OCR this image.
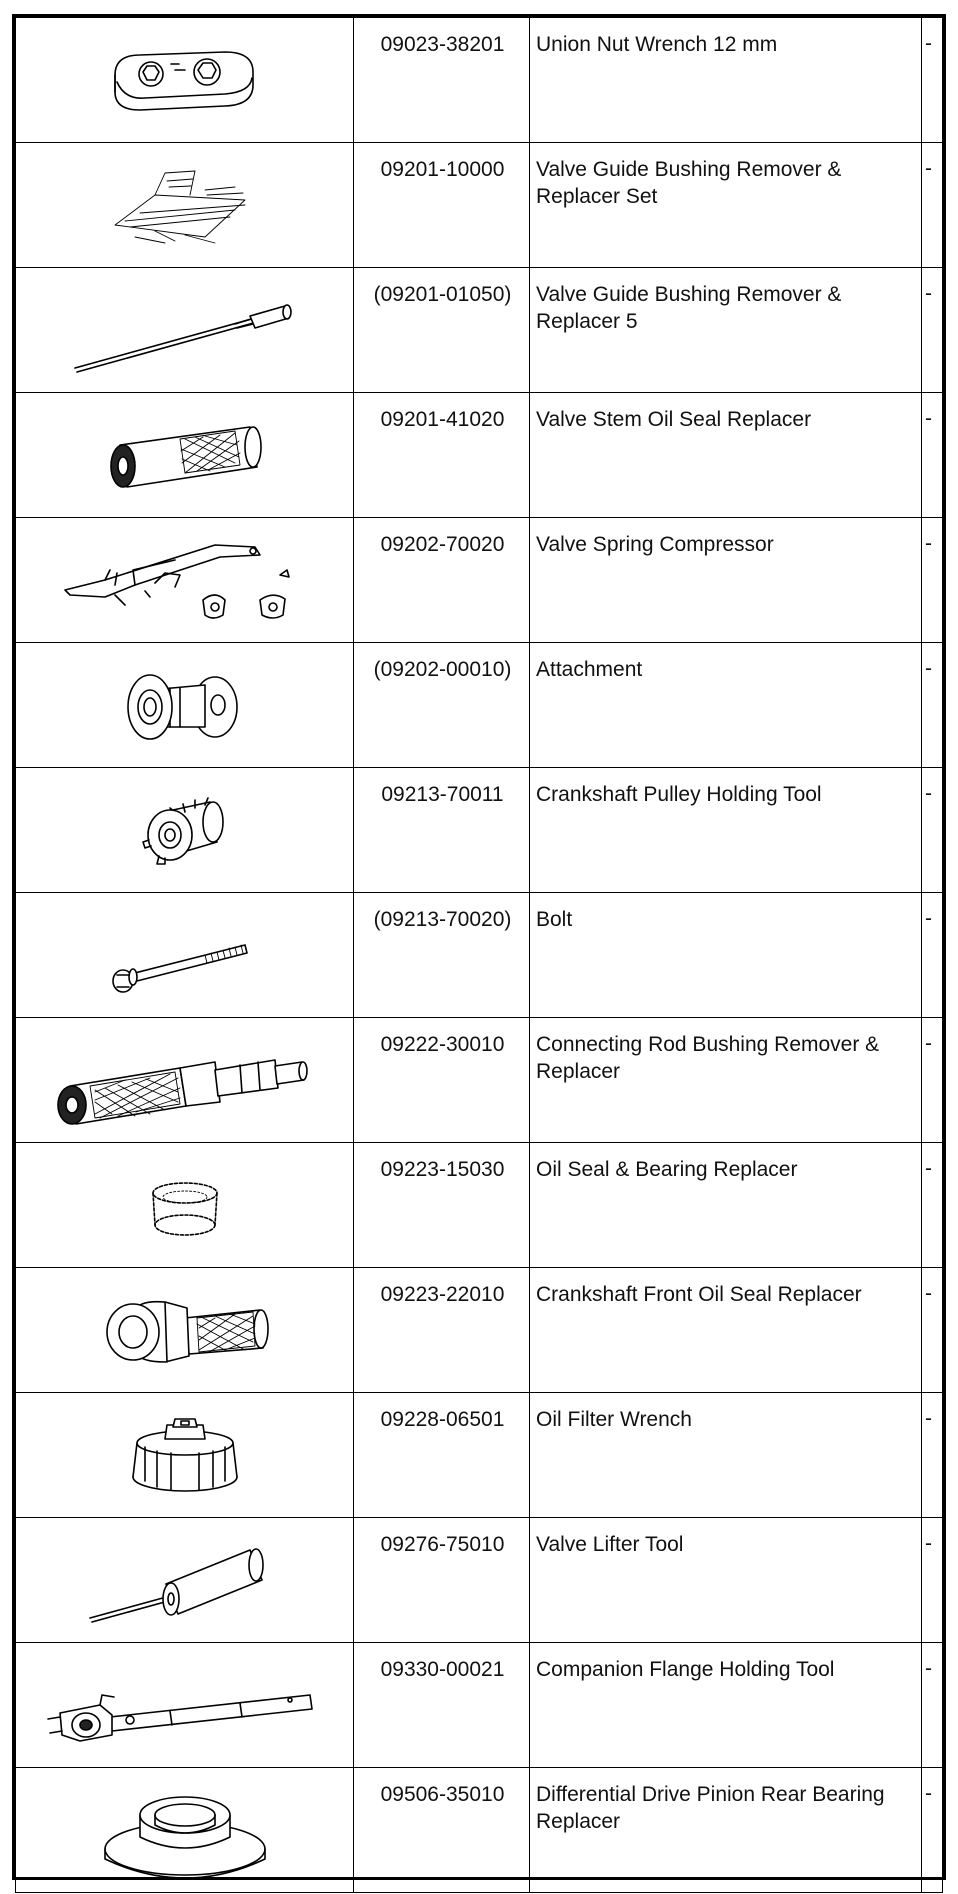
09023-38201	Union Nut Wrench 12 mm	-

09201-10000	Valve Guide Bushing Remover & Replacer Set	-

(09201-01050)	Valve Guide Bushing Remover & Replacer 5	-

09201-41020	Valve Stem Oil Seal Replacer	-

09202-70020	Valve Spring Compressor	-

(09202-00010)	Attachment	-

09213-70011	Crankshaft Pulley Holding Tool	-

(09213-70020)	Bolt	-

09222-30010	Connecting Rod Bushing Remover & Replacer	-

09223-15030	Oil Seal & Bearing Replacer	-

09223-22010	Crankshaft Front Oil Seal Replacer	-

09228-06501	Oil Filter Wrench	-

09276-75010	Valve Lifter Tool	-

09330-00021	Companion Flange Holding Tool	-

09506-35010	Differential Drive Pinion Rear Bearing Replacer	-
